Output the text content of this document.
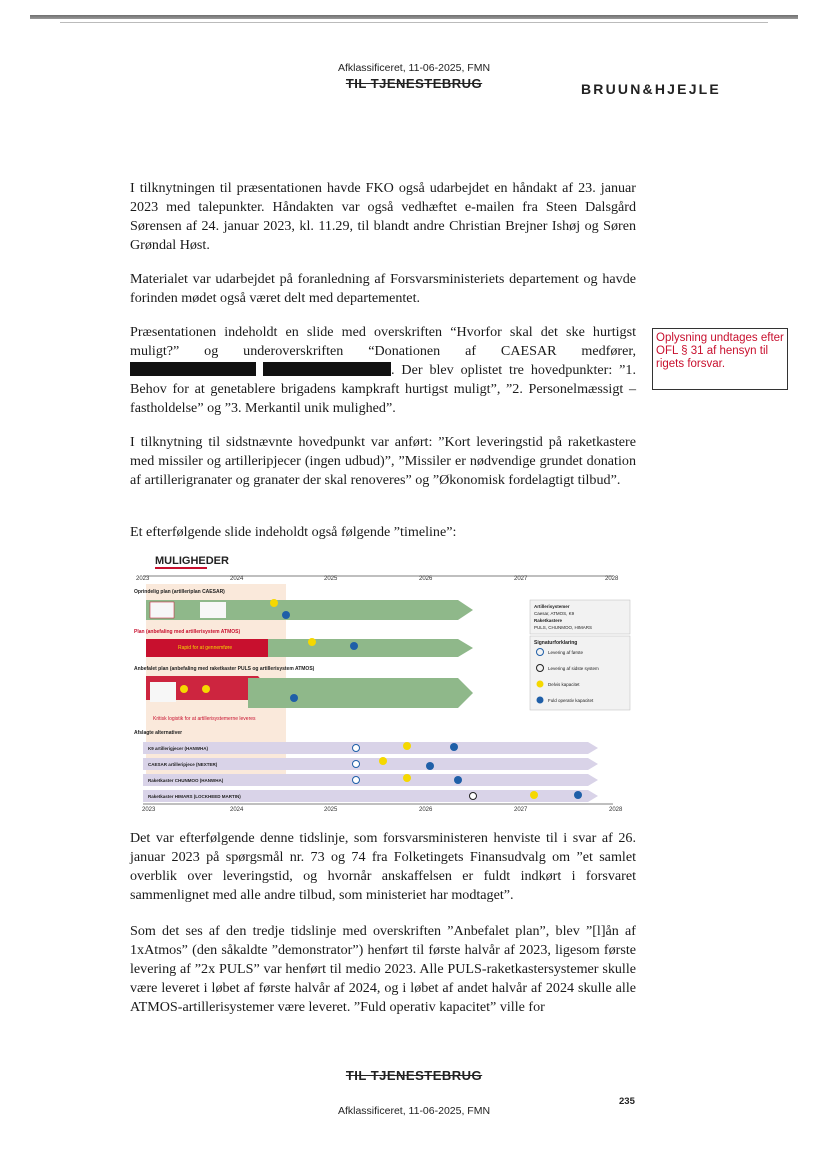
Afklassificeret, 11-06-2025, FMN
TIL TJENESTEBRUG	BRUUN&HJEJLE

I tilknytningen til præsentationen havde FKO også udarbejdet en håndakt af 23. januar 2023 med talepunkter. Håndakten var også vedhæftet e-mailen fra Steen Dalsgård Sørensen af 24. januar 2023, kl. 11.29, til blandt andre Christian Brejner Ishøj og Søren Grøndal Høst.

Materialet var udarbejdet på foranledning af Forsvarsministeriets departement og havde forinden mødet også været delt med departementet.

Præsentationen indeholdt en slide med overskriften “Hvorfor skal det ske hurtigst muligt?” og underoverskriften “Donationen af CAESAR medfører,  . Der blev oplistet tre hovedpunkter: ”1. Behov for at genetablere brigadens kampkraft hurtigst muligt”, ”2. Personelmæssigt – fastholdelse” og ”3. Merkantil unik mulighed”.

Oplysning undtages efter OFL § 31 af hensyn til rigets forsvar.

I tilknytning til sidstnævnte hovedpunkt var anført: ”Kort leveringstid på raketkastere med missiler og artilleripjecer (ingen udbud)”, ”Missiler er nødvendige grundet donation af artillerigranater og granater der skal renoveres” og ”Økonomisk fordelagtigt tilbud”.

Et efterfølgende slide indeholdt også følgende ”timeline”:

MULIGHEDER
2023	2024	2025	2026	2027	2028
Oprindelig plan (artilleriplan CAESAR)
Plan (anbefaling med artillerisystem ATMOS)
Rapid for at gennemføre
Anbefalet plan (anbefaling med raketkaster PULS og artillerisystem ATMOS)
Kritisk logistik for at artillerisystemerne leveres
Artillerisystemer
Caesar, ATMOS, K9
Raketkastere
PULS, CHUNMOO, HIMARS
Signaturforklaring
Levering af første
Levering af sidste system
Delvis kapacitet
Fuld operativ kapacitet
Afslagte alternativer
K9 artillerigjecer (HANWHA)
CAESAR artilleripjece (NEXTER)
Raketkaster CHUNMOO (HANWHA)
Raketkaster HIMARS (LOCKHEED MARTIN)
2023	2024	2025	2026	2027	2028

Det var efterfølgende denne tidslinje, som forsvarsministeren henviste til i svar af 26. januar 2023 på spørgsmål nr. 73 og 74 fra Folketingets Finansudvalg om ”et samlet overblik over leveringstid, og hvornår anskaffelsen er fuldt indkørt i forsvaret sammenlignet med alle andre tilbud, som ministeriet har modtaget”.

Som det ses af den tredje tidslinje med overskriften ”Anbefalet plan”, blev ”[l]ån af 1xAtmos” (den såkaldte ”demonstrator”) henført til første halvår af 2023, ligesom første levering af ”2x PULS” var henført til medio 2023. Alle PULS-raketkastersystemer skulle være leveret i løbet af første halvår af 2024, og i løbet af andet halvår af 2024 skulle alle ATMOS-artillerisystemer være leveret. ”Fuld operativ kapacitet” ville for

TIL TJENESTEBRUG
235
Afklassificeret, 11-06-2025, FMN
